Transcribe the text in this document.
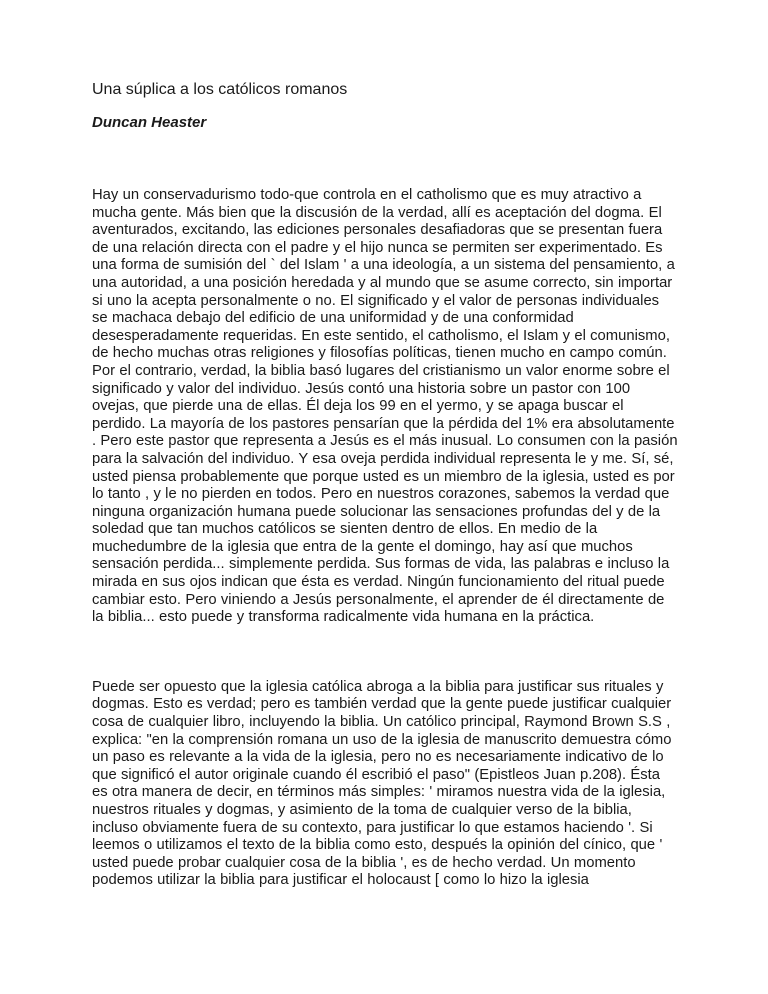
Una súplica a los católicos romanos

Duncan Heaster

Hay un conservadurismo todo-que controla en el catholismo que es muy atractivo a mucha gente. Más bien que la discusión de la verdad, allí es aceptación del dogma. El aventurados, excitando, las ediciones personales desafiadoras que se presentan fuera de una relación directa con el padre y el hijo nunca se permiten ser experimentado. Es una forma de sumisión del ` del Islam ' a una ideología, a un sistema del pensamiento, a una autoridad, a una posición heredada y al mundo que se asume correcto, sin importar si uno la acepta personalmente o no. El significado y el valor de personas individuales se machaca debajo del edificio de una uniformidad y de una conformidad desesperadamente requeridas. En este sentido, el catholismo, el Islam y el comunismo, de hecho muchas otras religiones y filosofías políticas, tienen mucho en campo común. Por el contrario, verdad, la biblia basó lugares del cristianismo un valor enorme sobre el significado y valor del individuo. Jesús contó una historia sobre un pastor con 100 ovejas, que pierde una de ellas. Él deja los 99 en el yermo, y se apaga buscar el perdido. La mayoría de los pastores pensarían que la pérdida del 1% era absolutamente . Pero este pastor que representa a Jesús es el más inusual. Lo consumen con la pasión para la salvación del individuo. Y esa oveja perdida individual representa le y me. Sí, sé, usted piensa probablemente que porque usted es un miembro de la iglesia, usted es por lo tanto , y le no pierden en todos. Pero en nuestros corazones, sabemos la verdad que ninguna organización humana puede solucionar las sensaciones profundas del y de la soledad que tan muchos católicos se sienten dentro de ellos. En medio de la muchedumbre de la iglesia que entra de la gente el domingo, hay así que muchos sensación perdida... simplemente perdida. Sus formas de vida, las palabras e incluso la mirada en sus ojos indican que ésta es verdad. Ningún funcionamiento del ritual puede cambiar esto. Pero viniendo a Jesús personalmente, el aprender de él directamente de la biblia... esto puede y transforma radicalmente vida humana en la práctica.

Puede ser opuesto que la iglesia católica abroga a la biblia para justificar sus rituales y dogmas. Esto es verdad; pero es también verdad que la gente puede justificar cualquier cosa de cualquier libro, incluyendo la biblia. Un católico principal, Raymond Brown S.S , explica: "en la comprensión romana un uso de la iglesia de manuscrito demuestra cómo un paso es relevante a la vida de la iglesia, pero no es necesariamente indicativo de lo que significó el autor originale cuando él escribió el paso" (Epistleos Juan p.208). Ésta es otra manera de decir, en términos más simples: ' miramos nuestra vida de la iglesia, nuestros rituales y dogmas, y asimiento de la toma de cualquier verso de la biblia, incluso obviamente fuera de su contexto, para justificar lo que estamos haciendo '. Si leemos o utilizamos el texto de la biblia como esto, después la opinión del cínico, que ' usted puede probar cualquier cosa de la biblia ', es de hecho verdad. Un momento podemos utilizar la biblia para justificar el holocaust [ como lo hizo la iglesia
